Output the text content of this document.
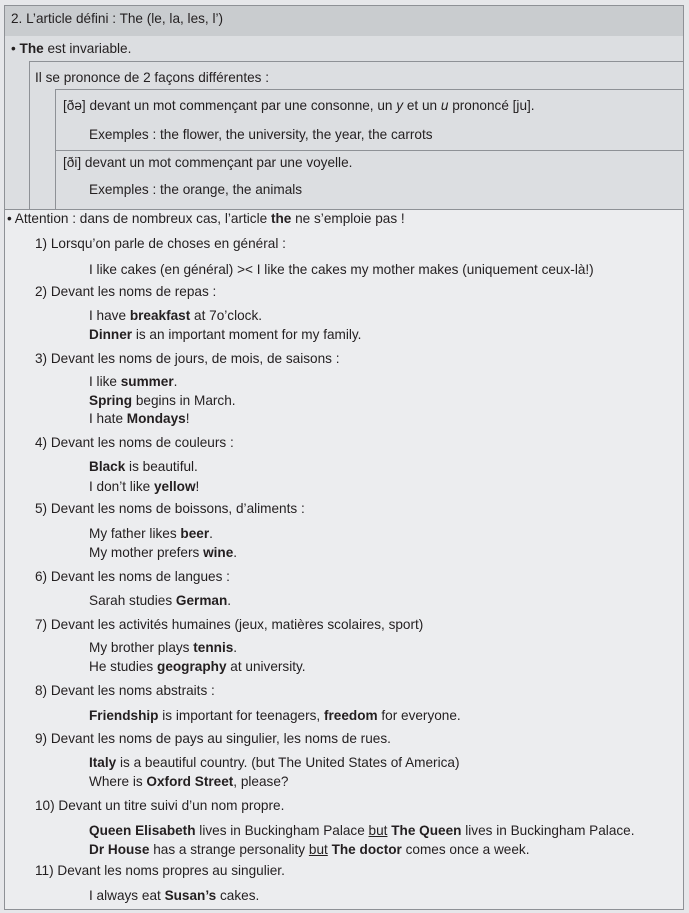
2. L’article défini : The (le, la, les, l’)
• The est invariable.
Il se prononce de 2 façons différentes :
[ðə] devant un mot commençant par une consonne, un y et un u prononcé [ju].
Exemples : the flower, the university, the year, the carrots
[ði] devant un mot commençant par une voyelle.
Exemples : the orange, the animals
• Attention : dans de nombreux cas, l’article the ne s’emploie pas !
1) Lorsqu’on parle de choses en général :
I like cakes (en général) >< I like the cakes my mother makes (uniquement ceux-là!)
2) Devant les noms de repas :
I have breakfast at 7o’clock.
Dinner is an important moment for my family.
3) Devant les noms de jours, de mois, de saisons :
I like summer.
Spring begins in March.
I hate Mondays!
4) Devant les noms de couleurs :
Black is beautiful.
I don’t like yellow!
5) Devant les noms de boissons, d’aliments :
My father likes beer.
My mother prefers wine.
6) Devant les noms de langues :
Sarah studies German.
7) Devant les activités humaines (jeux, matières scolaires, sport)
My brother plays tennis.
He studies geography at university.
8) Devant les noms abstraits :
Friendship is important for teenagers, freedom for everyone.
9) Devant les noms de pays au singulier, les noms de rues.
Italy is a beautiful country. (but The United States of America)
Where is Oxford Street, please?
10) Devant un titre suivi d’un nom propre.
Queen Elisabeth lives in Buckingham Palace but The Queen lives in Buckingham Palace.
Dr House has a strange personality but The doctor comes once a week.
11) Devant les noms propres au singulier.
I always eat Susan’s cakes.
